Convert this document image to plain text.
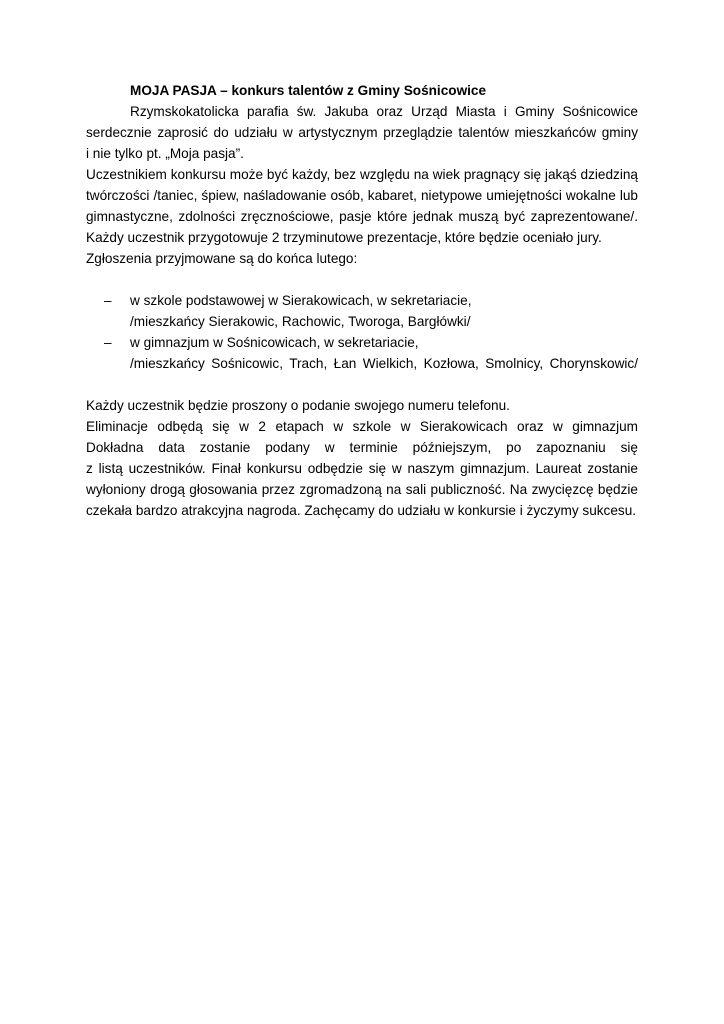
MOJA PASJA – konkurs talentów z Gminy Sośnicowice
Rzymskokatolicka parafia św. Jakuba oraz Urząd Miasta i Gminy Sośnicowice
serdecznie zaprosić do udziału w artystycznym przeglądzie talentów mieszkańców gminy
i nie tylko pt. „Moja pasja”.
Uczestnikiem konkursu może być każdy, bez względu na wiek pragnący się jakąś dziedziną
twórczości /taniec, śpiew, naśladowanie osób, kabaret, nietypowe umiejętności wokalne lub
gimnastyczne, zdolności zręcznościowe, pasje które jednak muszą być zaprezentowane/.
Każdy uczestnik przygotowuje 2 trzyminutowe prezentacje, które będzie oceniało jury.
Zgłoszenia przyjmowane są do końca lutego:
– w szkole podstawowej w Sierakowicach, w sekretariacie,
/mieszkańcy Sierakowic, Rachowic, Tworoga, Bargłówki/
– w gimnazjum w Sośnicowicach, w sekretariacie,
/mieszkańcy Sośnicowic, Trach, Łan Wielkich, Kozłowa, Smolnicy, Chorynskowic/
Każdy uczestnik będzie proszony o podanie swojego numeru telefonu.
Eliminacje odbędą się w 2 etapach w szkole w Sierakowicach oraz w gimnazjum
Dokładna data zostanie podany w terminie późniejszym, po zapoznaniu się
z listą uczestników. Finał konkursu odbędzie się w naszym gimnazjum. Laureat zostanie
wyłoniony drogą głosowania przez zgromadzoną na sali publiczność. Na zwycięzcę będzie
czekała bardzo atrakcyjna nagroda. Zachęcamy do udziału w konkursie i życzymy sukcesu.
